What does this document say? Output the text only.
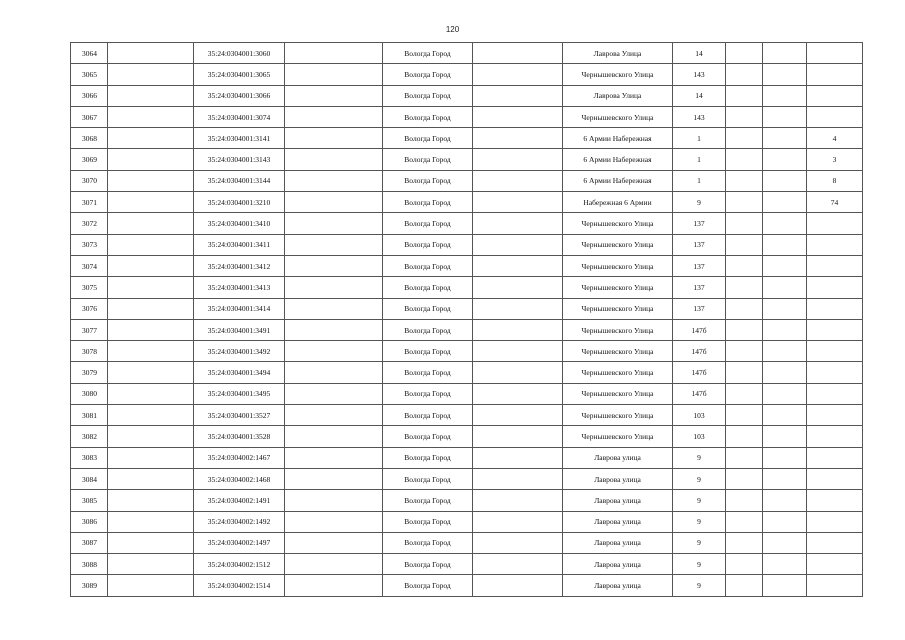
120
3064		35:24:0304001:3060		Вологда Город		Лаврова Улица	14			
3065		35:24:0304001:3065		Вологда Город		Чернышевского Улица	143			
3066		35:24:0304001:3066		Вологда Город		Лаврова Улица	14			
3067		35:24:0304001:3074		Вологда Город		Чернышевского Улица	143			
3068		35:24:0304001:3141		Вологда Город		6 Армии Набережная	1			4
3069		35:24:0304001:3143		Вологда Город		6 Армии Набережная	1			3
3070		35:24:0304001:3144		Вологда Город		6 Армии Набережная	1			8
3071		35:24:0304001:3210		Вологда Город		Набережная 6 Армии	9			74
3072		35:24:0304001:3410		Вологда Город		Чернышевского Улица	137			
3073		35:24:0304001:3411		Вологда Город		Чернышевского Улица	137			
3074		35:24:0304001:3412		Вологда Город		Чернышевского Улица	137			
3075		35:24:0304001:3413		Вологда Город		Чернышевского Улица	137			
3076		35:24:0304001:3414		Вологда Город		Чернышевского Улица	137			
3077		35:24:0304001:3491		Вологда Город		Чернышевского Улица	147б			
3078		35:24:0304001:3492		Вологда Город		Чернышевского Улица	147б			
3079		35:24:0304001:3494		Вологда Город		Чернышевского Улица	147б			
3080		35:24:0304001:3495		Вологда Город		Чернышевского Улица	147б			
3081		35:24:0304001:3527		Вологда Город		Чернышевского Улица	103			
3082		35:24:0304001:3528		Вологда Город		Чернышевского Улица	103			
3083		35:24:0304002:1467		Вологда Город		Лаврова улица	9			
3084		35:24:0304002:1468		Вологда Город		Лаврова улица	9			
3085		35:24:0304002:1491		Вологда Город		Лаврова улица	9			
3086		35:24:0304002:1492		Вологда Город		Лаврова улица	9			
3087		35:24:0304002:1497		Вологда Город		Лаврова улица	9			
3088		35:24:0304002:1512		Вологда Город		Лаврова улица	9			
3089		35:24:0304002:1514		Вологда Город		Лаврова улица	9			
